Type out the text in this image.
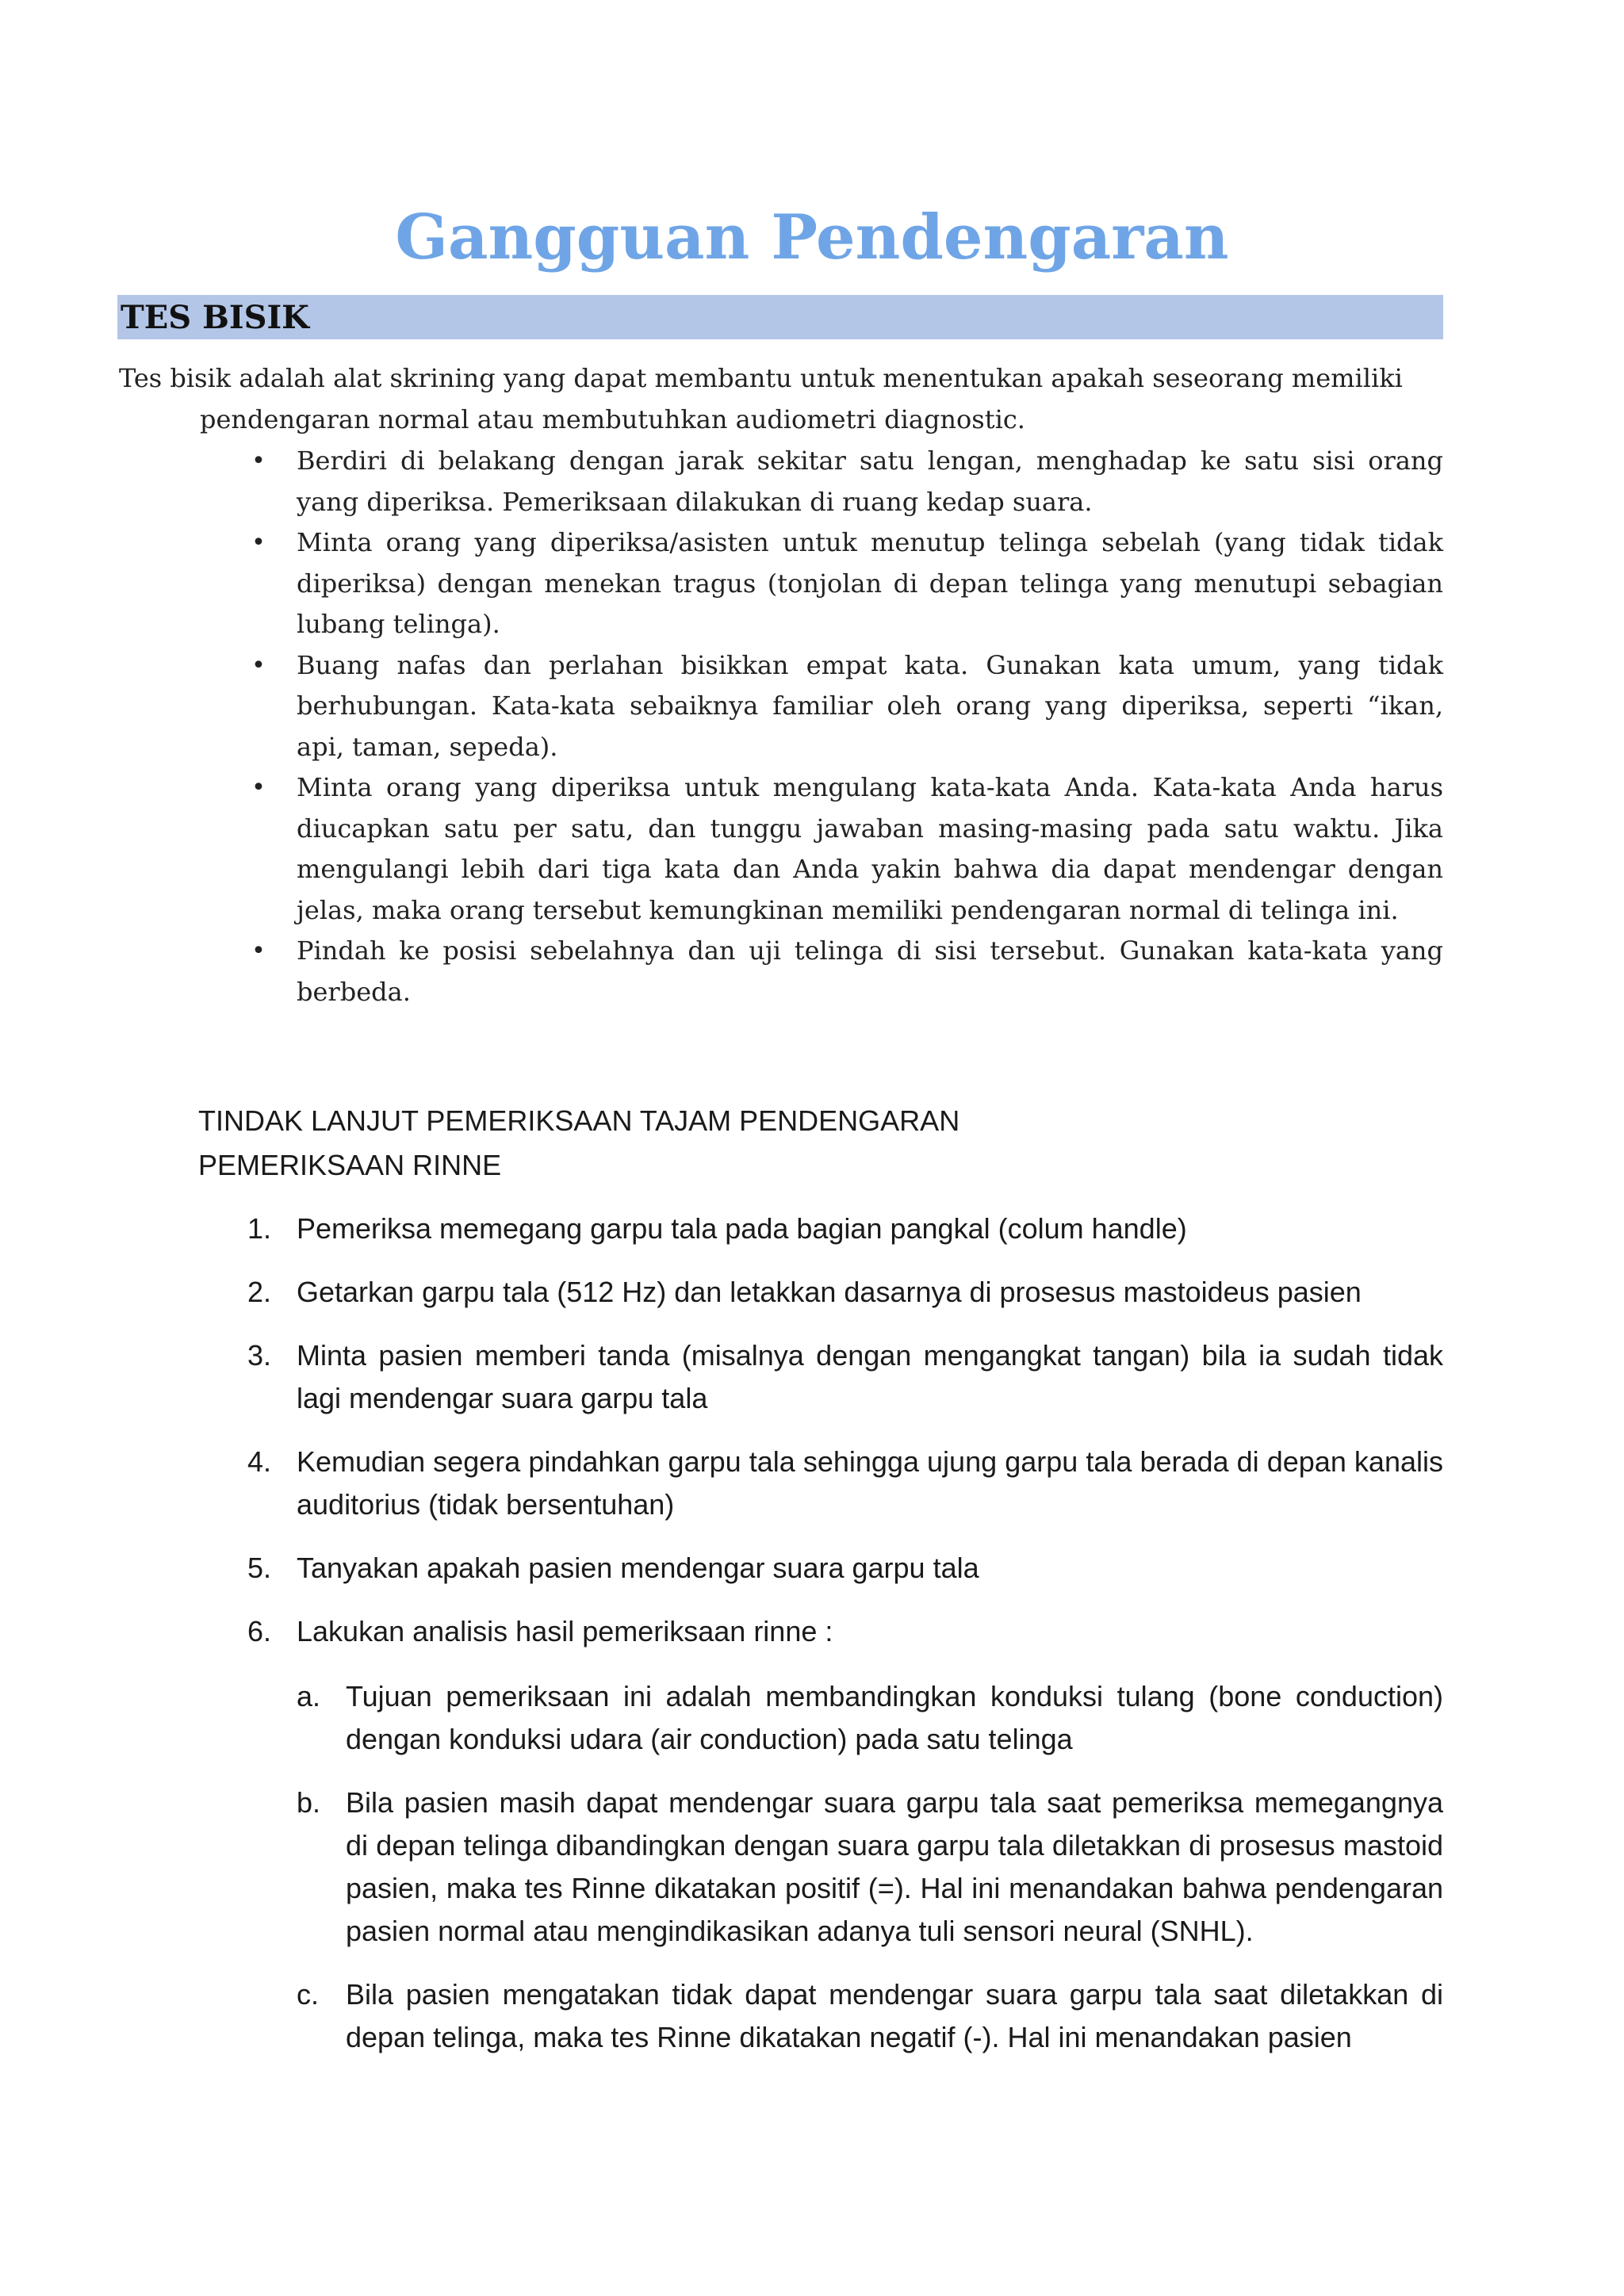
Gangguan Pendengaran
TES BISIK

Tes bisik adalah alat skrining yang dapat membantu untuk menentukan apakah seseorang memiliki
pendengaran normal atau membutuhkan audiometri diagnostic.

• Berdiri di belakang dengan jarak sekitar satu lengan, menghadap ke satu sisi orang yang diperiksa. Pemeriksaan dilakukan di ruang kedap suara.
• Minta orang yang diperiksa/asisten untuk menutup telinga sebelah (yang tidak tidak diperiksa) dengan menekan tragus (tonjolan di depan telinga yang menutupi sebagian lubang telinga).
• Buang nafas dan perlahan bisikkan empat kata. Gunakan kata umum, yang tidak berhubungan. Kata-kata sebaiknya familiar oleh orang yang diperiksa, seperti “ikan, api, taman, sepeda).
• Minta orang yang diperiksa untuk mengulang kata-kata Anda. Kata-kata Anda harus diucapkan satu per satu, dan tunggu jawaban masing-masing pada satu waktu. Jika mengulangi lebih dari tiga kata dan Anda yakin bahwa dia dapat mendengar dengan jelas, maka orang tersebut kemungkinan memiliki pendengaran normal di telinga ini.
• Pindah ke posisi sebelahnya dan uji telinga di sisi tersebut. Gunakan kata-kata yang berbeda.

TINDAK LANJUT PEMERIKSAAN TAJAM PENDENGARAN

PEMERIKSAAN RINNE

1. Pemeriksa memegang garpu tala pada bagian pangkal (colum handle)
2. Getarkan garpu tala (512 Hz) dan letakkan dasarnya di prosesus mastoideus pasien
3. Minta pasien memberi tanda (misalnya dengan mengangkat tangan) bila ia sudah tidak lagi mendengar suara garpu tala
4. Kemudian segera pindahkan garpu tala sehingga ujung garpu tala berada di depan kanalis auditorius (tidak bersentuhan)
5. Tanyakan apakah pasien mendengar suara garpu tala
6. Lakukan analisis hasil pemeriksaan rinne :
a. Tujuan pemeriksaan ini adalah membandingkan konduksi tulang (bone conduction) dengan konduksi udara (air conduction) pada satu telinga
b. Bila pasien masih dapat mendengar suara garpu tala saat pemeriksa memegangnya di depan telinga dibandingkan dengan suara garpu tala diletakkan di prosesus mastoid pasien, maka tes Rinne dikatakan positif (=). Hal ini menandakan bahwa pendengaran pasien normal atau mengindikasikan adanya tuli sensori neural (SNHL).
c. Bila pasien mengatakan tidak dapat mendengar suara garpu tala saat diletakkan di depan telinga, maka tes Rinne dikatakan negatif (-). Hal ini menandakan pasien
